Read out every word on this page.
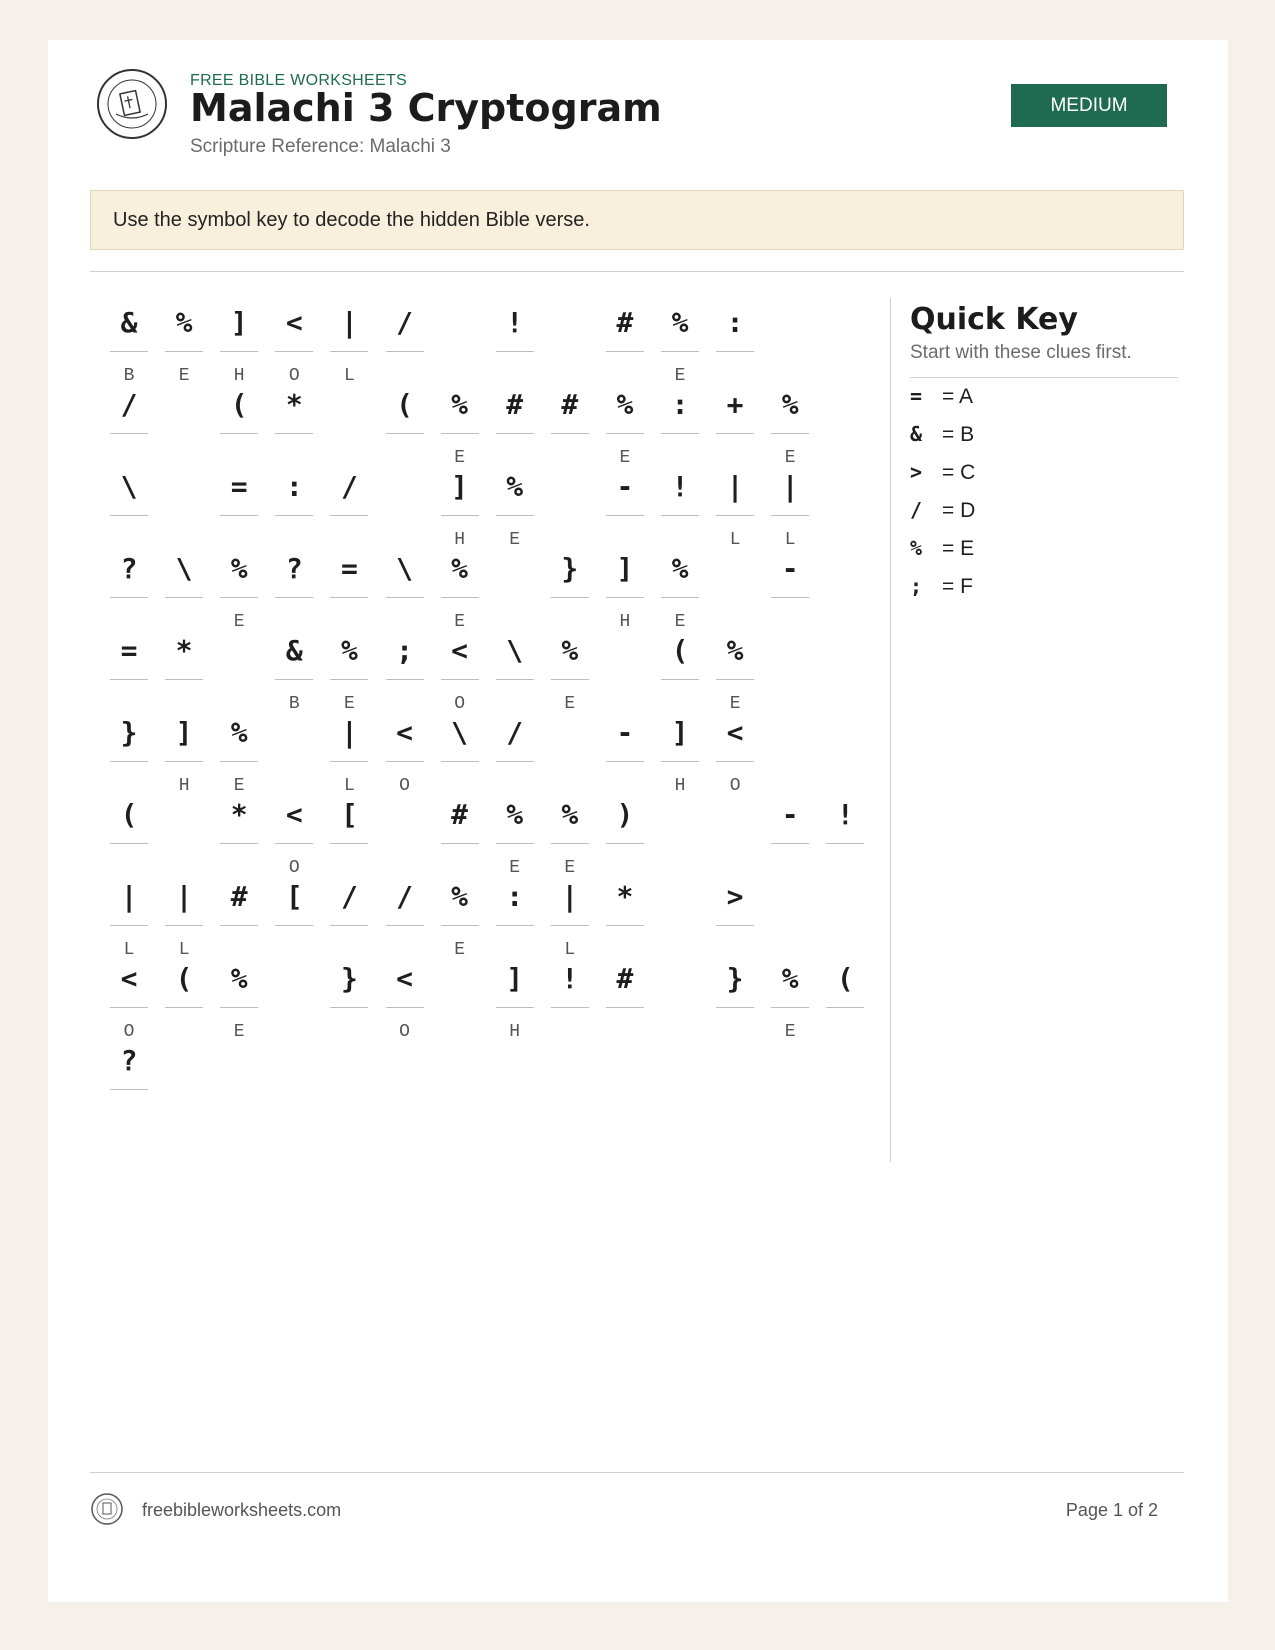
FREE BIBLE WORKSHEETS
Malachi 3 Cryptogram
Scripture Reference: Malachi 3
MEDIUM
Use the symbol key to decode the hidden Bible verse.
&
B
%
E
]
H
<
O
|
L
/	!	#	%
E
:
/	(	*	(	%
E
#	#	%
E
:	+	%
E
\	=	:	/	]
H
%
E
-	!	|
L
|
L
?	\	%
E
?	=	\	%
E
}	]
H
%
E
-
=	*	&
B
%
E
;	<
O
\	%
E
(	%
E
}	]
H
%
E
|
L
<
O
\	/	-	]
H
<
O
(	*	<
O
[	#	%
E
%
E
)	-	!
|
L
|
L
#	[	/	/	%
E
:	|
L
*	>
<
O
(	%
E
}	<
O
]
H
!	#	}	%
E
(
?
Quick Key
Start with these clues first.
= = A
& = B
> = C
/ = D
% = E
; = F
freebibleworksheets.com	Page 1 of 2
